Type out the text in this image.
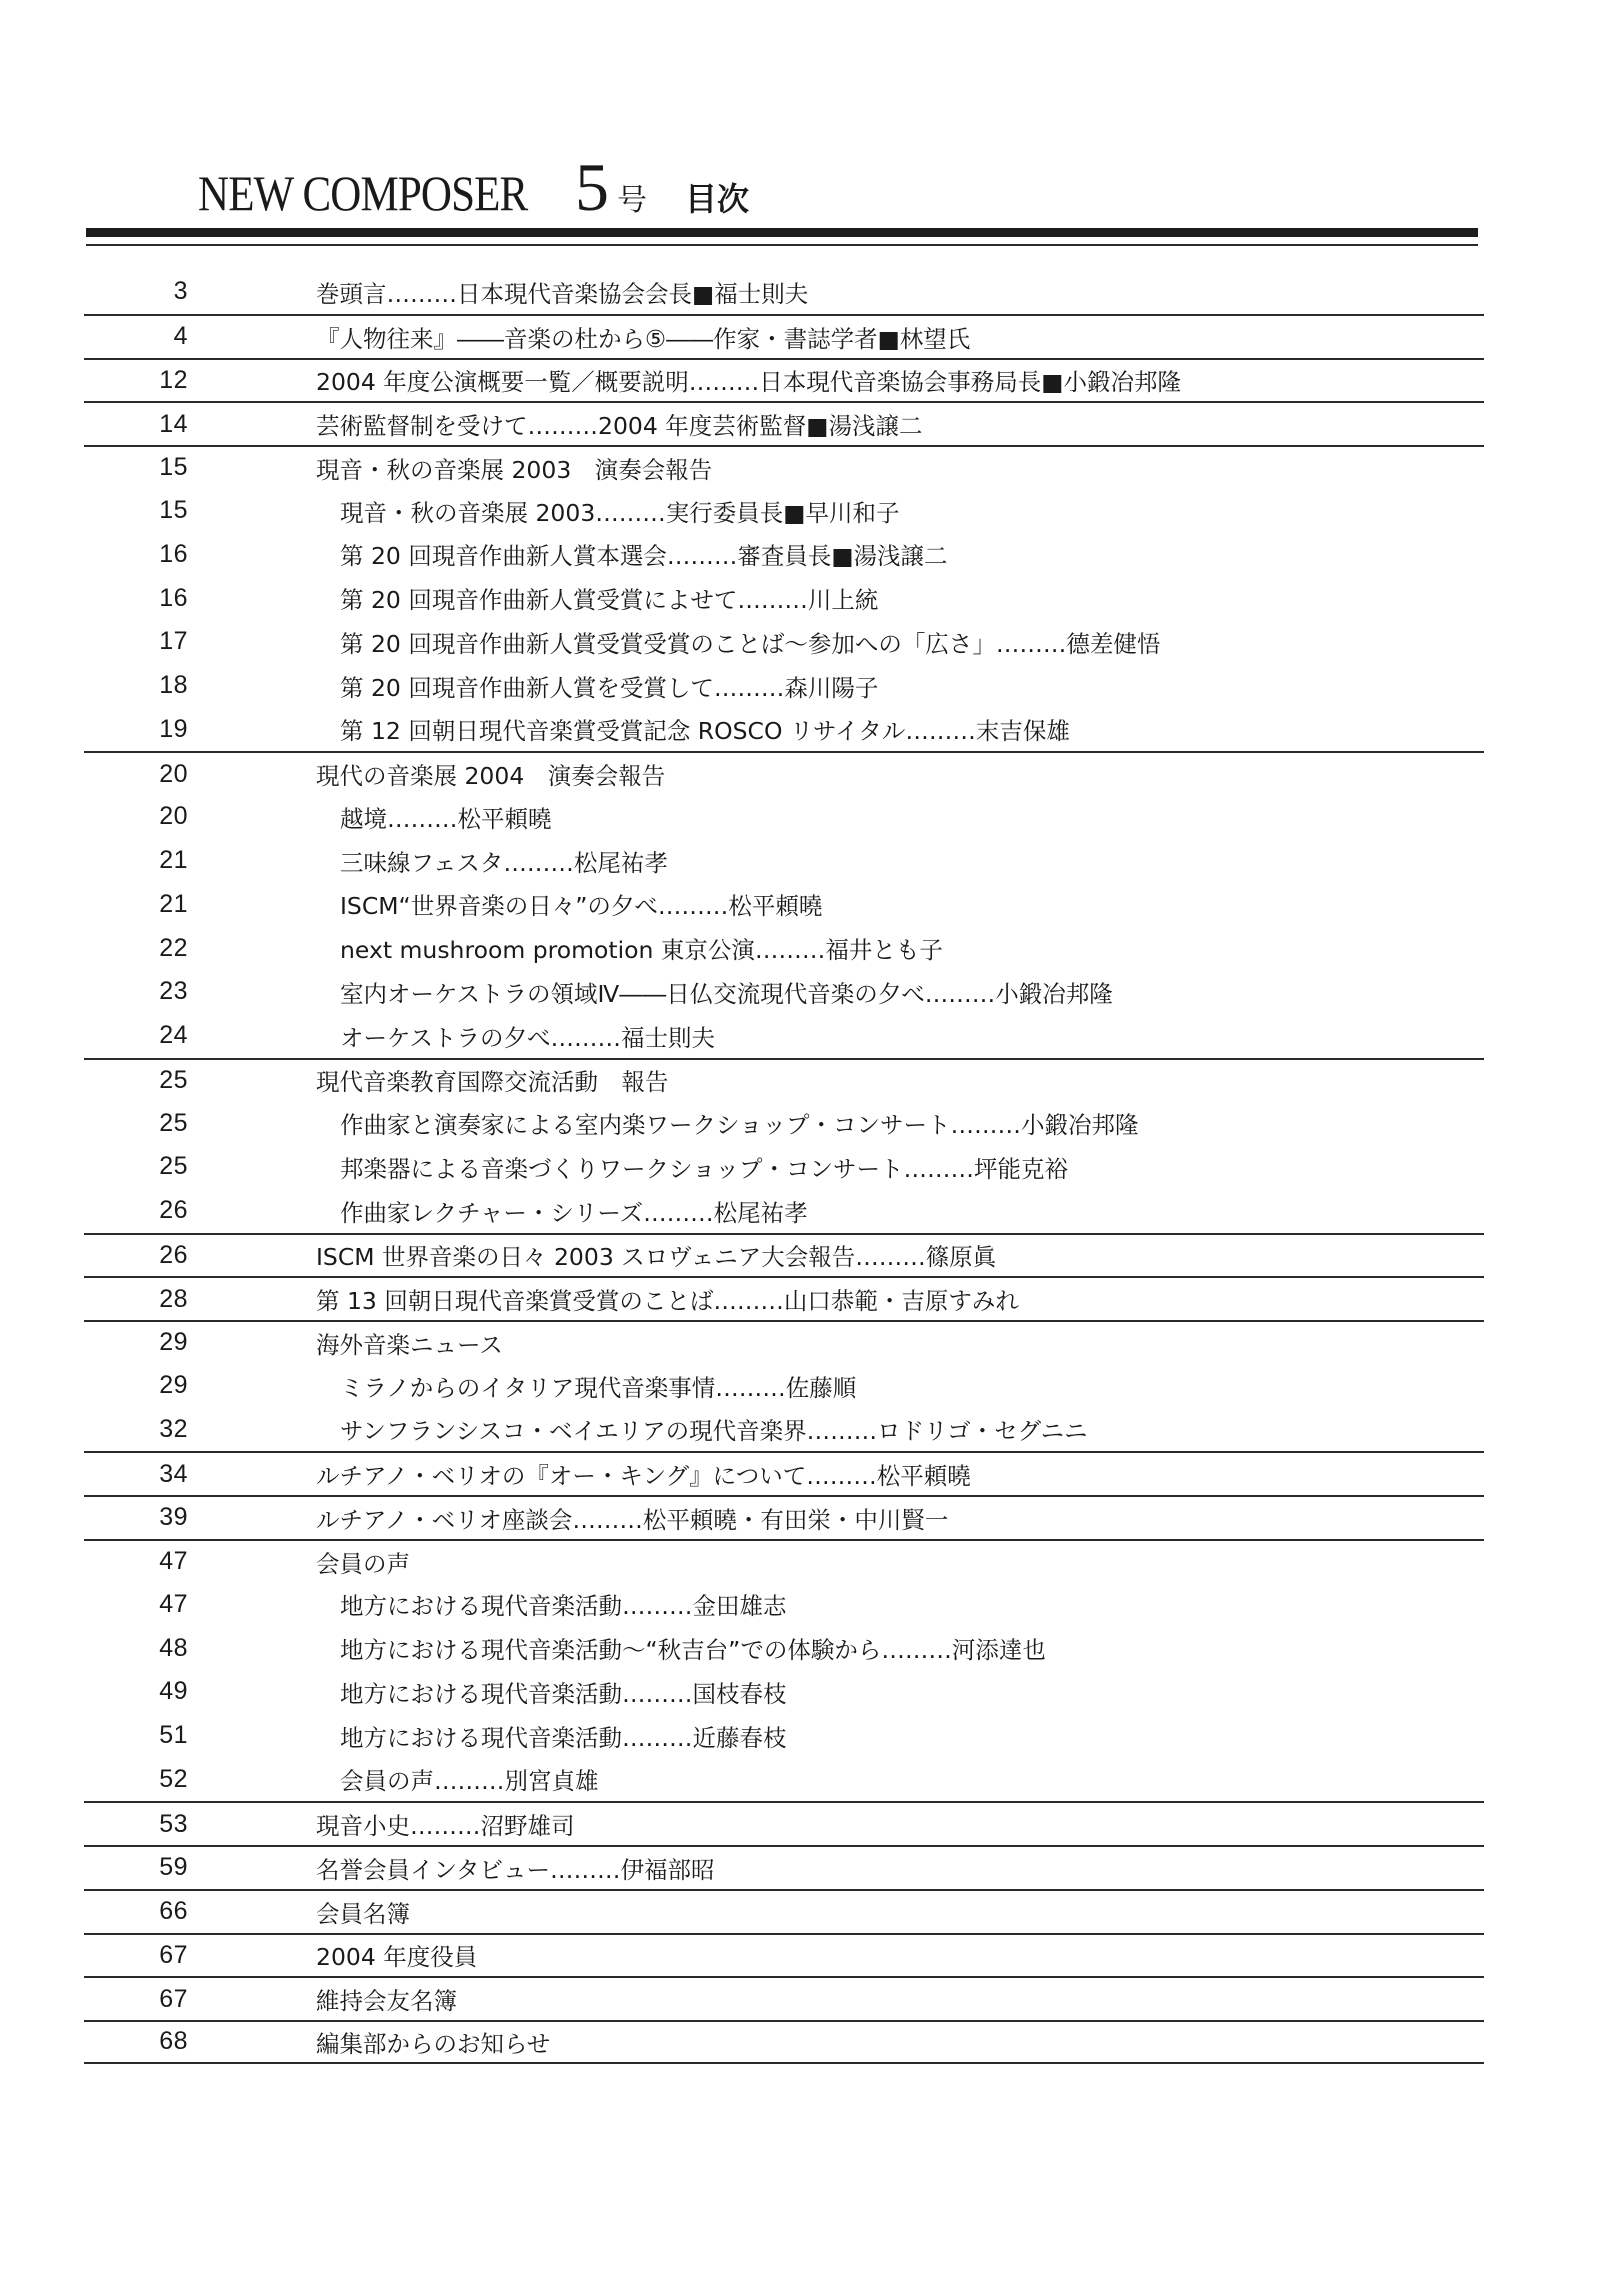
NEW COMPOSER 5 号 目次
3	巻頭言………日本現代音楽協会会長■福士則夫
4	『人物往来』――音楽の杜から⑤――作家・書誌学者■林望氏
12	2004 年度公演概要一覧／概要説明………日本現代音楽協会事務局長■小鍛冶邦隆
14	芸術監督制を受けて………2004 年度芸術監督■湯浅譲二
15	現音・秋の音楽展 2003　演奏会報告
15	現音・秋の音楽展 2003………実行委員長■早川和子
16	第 20 回現音作曲新人賞本選会………審査員長■湯浅譲二
16	第 20 回現音作曲新人賞受賞によせて………川上統
17	第 20 回現音作曲新人賞受賞受賞のことば～参加への「広さ」………德差健悟
18	第 20 回現音作曲新人賞を受賞して………森川陽子
19	第 12 回朝日現代音楽賞受賞記念 ROSCO リサイタル………末吉保雄
20	現代の音楽展 2004　演奏会報告
20	越境………松平頼曉
21	三味線フェスタ………松尾祐孝
21	ISCM“世界音楽の日々”の夕べ………松平頼曉
22	next mushroom promotion 東京公演………福井とも子
23	室内オーケストラの領域Ⅳ――日仏交流現代音楽の夕べ………小鍛冶邦隆
24	オーケストラの夕べ………福士則夫
25	現代音楽教育国際交流活動　報告
25	作曲家と演奏家による室内楽ワークショップ・コンサート………小鍛冶邦隆
25	邦楽器による音楽づくりワークショップ・コンサート………坪能克裕
26	作曲家レクチャー・シリーズ………松尾祐孝
26	ISCM 世界音楽の日々 2003 スロヴェニア大会報告………篠原眞
28	第 13 回朝日現代音楽賞受賞のことば………山口恭範・吉原すみれ
29	海外音楽ニュース
29	ミラノからのイタリア現代音楽事情………佐藤順
32	サンフランシスコ・ベイエリアの現代音楽界………ロドリゴ・セグニニ
34	ルチアノ・ベリオの『オー・キング』について………松平頼曉
39	ルチアノ・ベリオ座談会………松平頼曉・有田栄・中川賢一
47	会員の声
47	地方における現代音楽活動………金田雄志
48	地方における現代音楽活動～“秋吉台”での体験から………河添達也
49	地方における現代音楽活動………国枝春枝
51	地方における現代音楽活動………近藤春枝
52	会員の声………別宮貞雄
53	現音小史………沼野雄司
59	名誉会員インタビュー………伊福部昭
66	会員名簿
67	2004 年度役員
67	維持会友名簿
68	編集部からのお知らせ
